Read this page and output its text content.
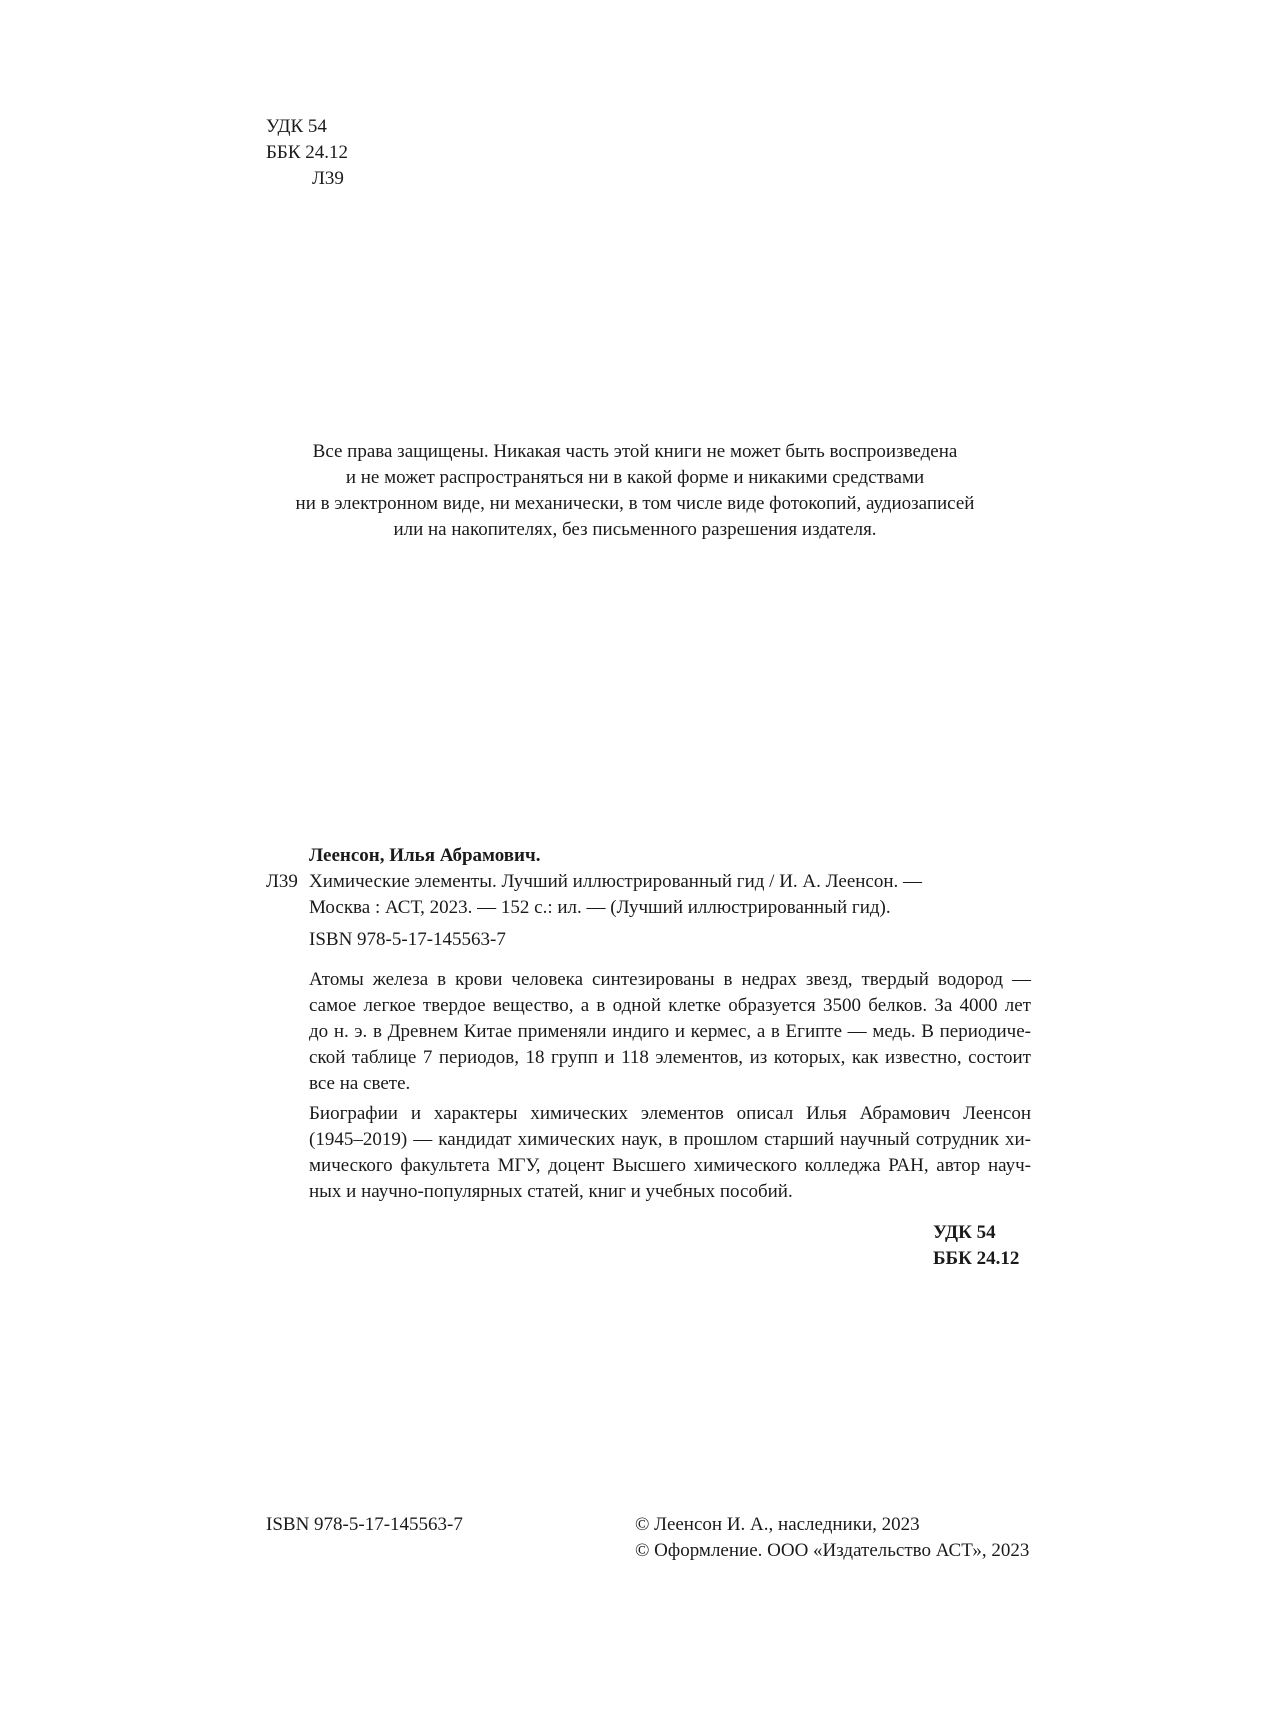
УДК 54
ББК 24.12
Л39
Все права защищены. Никакая часть этой книги не может быть воспроизведена
и не может распространяться ни в какой форме и никакими средствами
ни в электронном виде, ни механически, в том числе виде фотокопий, аудиозаписей
или на накопителях, без письменного разрешения издателя.
Леенсон, Илья Абрамович.
Л39 Химические элементы. Лучший иллюстрированный гид / И. А. Леенсон. —
Москва : АСТ, 2023. — 152 с.: ил. — (Лучший иллюстрированный гид).
ISBN 978-5-17-145563-7

Атомы железа в крови человека синтезированы в недрах звезд, твердый водород —
самое легкое твердое вещество, а в одной клетке образуется 3500 белков. За 4000 лет
до н. э. в Древнем Китае применяли индиго и кермес, а в Египте — медь. В периодиче-
ской таблице 7 периодов, 18 групп и 118 элементов, из которых, как известно, состоит
все на свете.

Биографии и характеры химических элементов описал Илья Абрамович Леенсон
(1945–2019) — кандидат химических наук, в прошлом старший научный сотрудник хи-
мического факультета МГУ, доцент Высшего химического колледжа РАН, автор науч-
ных и научно-популярных статей, книг и учебных пособий.

УДК 54
ББК 24.12
ISBN 978-5-17-145563-7	© Леенсон И. А., наследники, 2023
© Оформление. ООО «Издательство АСТ», 2023
